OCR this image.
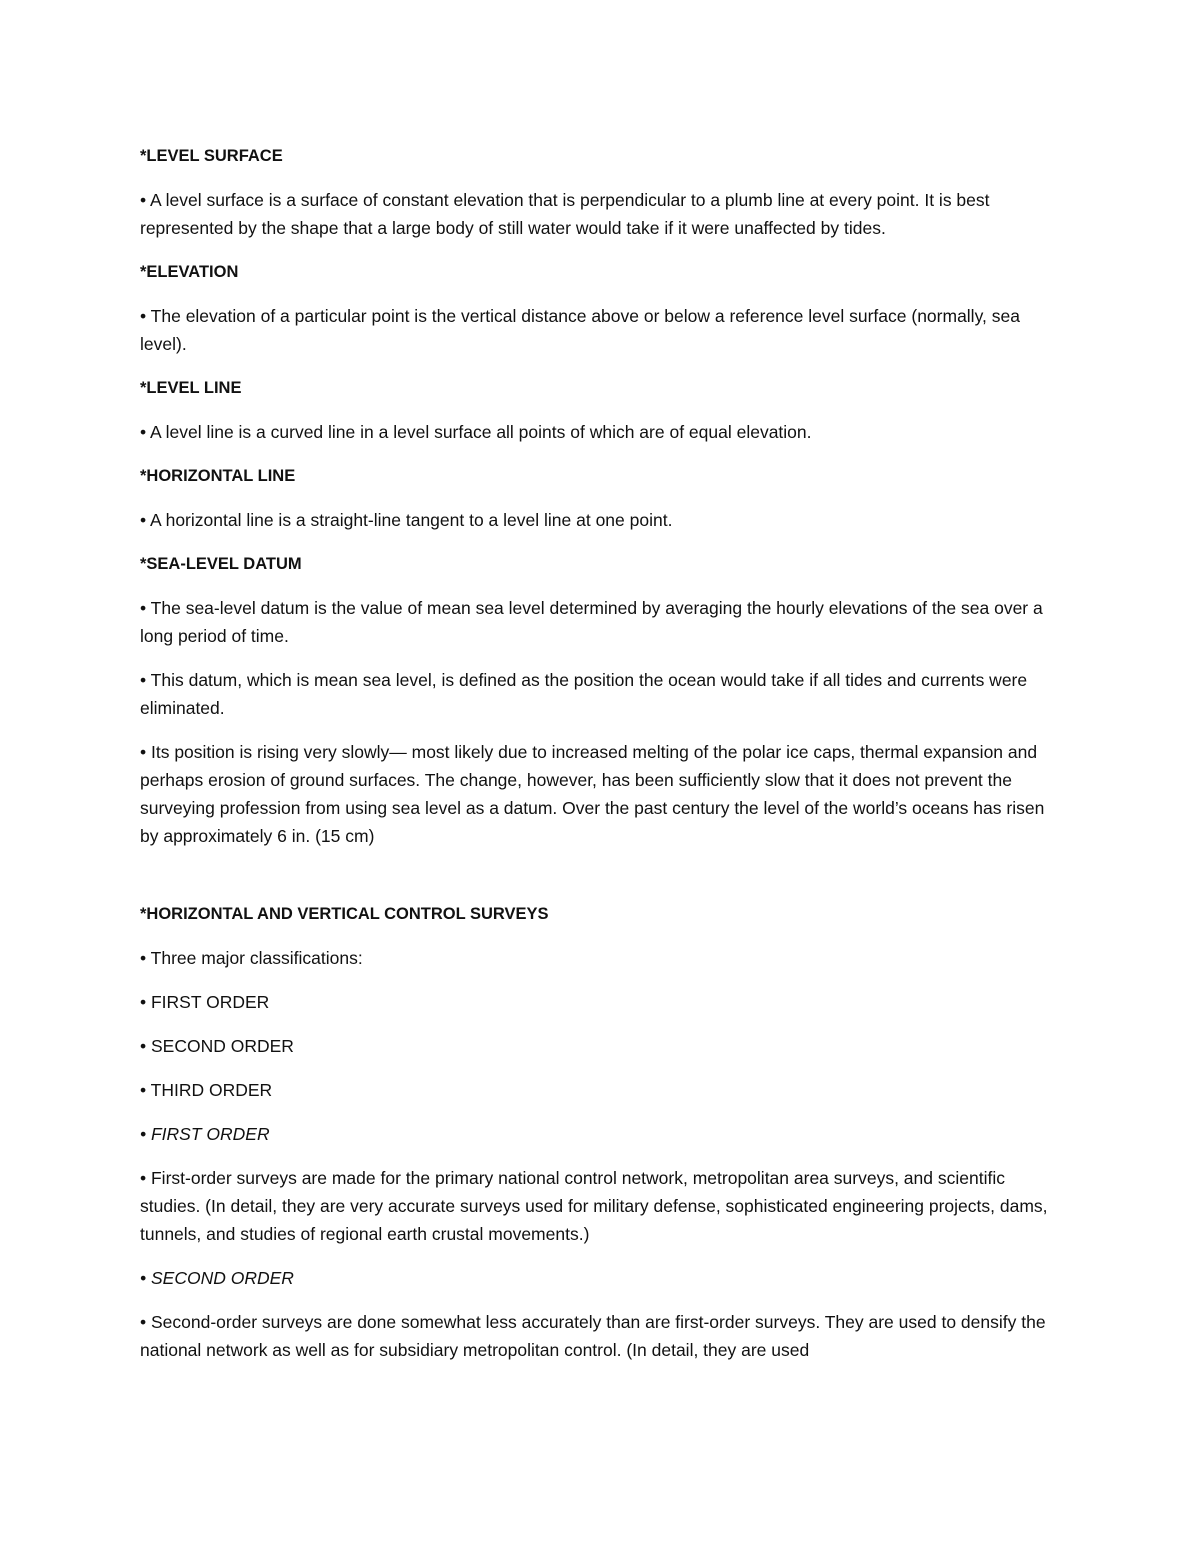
*LEVEL SURFACE

• A level surface is a surface of constant elevation that is perpendicular to a plumb line at every point. It is best represented by the shape that a large body of still water would take if it were unaffected by tides.

*ELEVATION

• The elevation of a particular point is the vertical distance above or below a reference level surface (normally, sea level).

*LEVEL LINE

• A level line is a curved line in a level surface all points of which are of equal elevation.

*HORIZONTAL LINE

• A horizontal line is a straight-line tangent to a level line at one point.

*SEA-LEVEL DATUM

• The sea-level datum is the value of mean sea level determined by averaging the hourly elevations of the sea over a long period of time.

• This datum, which is mean sea level, is defined as the position the ocean would take if all tides and currents were eliminated.

• Its position is rising very slowly— most likely due to increased melting of the polar ice caps, thermal expansion and perhaps erosion of ground surfaces. The change, however, has been sufficiently slow that it does not prevent the surveying profession from using sea level as a datum. Over the past century the level of the world’s oceans has risen by approximately 6 in. (15 cm)

*HORIZONTAL AND VERTICAL CONTROL SURVEYS

• Three major classifications:

• FIRST ORDER

• SECOND ORDER

• THIRD ORDER

• FIRST ORDER

• First-order surveys are made for the primary national control network, metropolitan area surveys, and scientific studies. (In detail, they are very accurate surveys used for military defense, sophisticated engineering projects, dams, tunnels, and studies of regional earth crustal movements.)

• SECOND ORDER

• Second-order surveys are done somewhat less accurately than are first-order surveys. They are used to densify the national network as well as for subsidiary metropolitan control. (In detail, they are used
